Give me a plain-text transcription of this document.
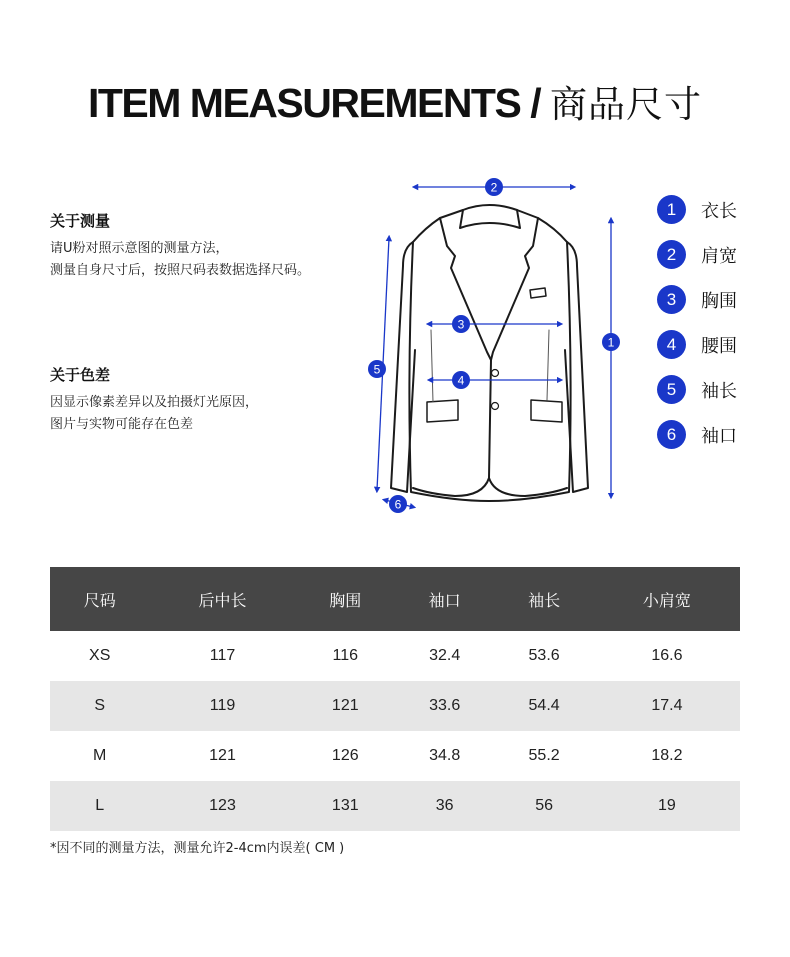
ITEM MEASUREMENTS / 商品尺寸
关于测量

请U粉对照示意图的测量方法，

测量自身尺寸后，按照尺码表数据选择尺码。

关于色差

因显示像素差异以及拍摄灯光原因，

图片与实物可能存在色差

2
1
3
4
5
6
1	衣长
2	肩宽
3	胸围
4	腰围
5	袖长
6	袖口
尺码	后中长	胸围	袖口	袖长	小肩宽
XS	117	116	32.4	53.6	16.6
S	119	121	33.6	54.4	17.4
M	121	126	34.8	55.2	18.2
L	123	131	36	56	19
*因不同的测量方法，测量允许2-4cm内误差( CM )
